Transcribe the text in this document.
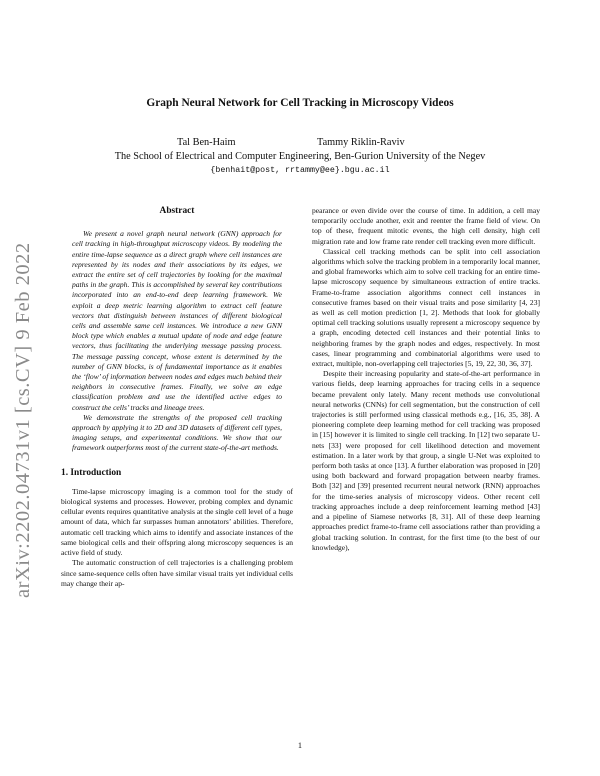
arXiv:2202.04731v1 [cs.CV] 9 Feb 2022
Graph Neural Network for Cell Tracking in Microscopy Videos
Tal Ben-Haim	Tammy Riklin-Raviv
The School of Electrical and Computer Engineering, Ben-Gurion University of the Negev
{benhait@post, rrtammy@ee}.bgu.ac.il
Abstract

We present a novel graph neural network (GNN) approach for cell tracking in high-throughput microscopy videos. By modeling the entire time-lapse sequence as a direct graph where cell instances are represented by its nodes and their associations by its edges, we extract the entire set of cell trajectories by looking for the maximal paths in the graph. This is accomplished by several key contributions incorporated into an end-to-end deep learning framework. We exploit a deep metric learning algorithm to extract cell feature vectors that distinguish between instances of different biological cells and assemble same cell instances. We introduce a new GNN block type which enables a mutual update of node and edge feature vectors, thus facilitating the underlying message passing process. The message passing concept, whose extent is determined by the number of GNN blocks, is of fundamental importance as it enables the ‘flow’ of information between nodes and edges much behind their neighbors in consecutive frames. Finally, we solve an edge classification problem and use the identified active edges to construct the cells’ tracks and lineage trees.

We demonstrate the strengths of the proposed cell tracking approach by applying it to 2D and 3D datasets of different cell types, imaging setups, and experimental conditions. We show that our framework outperforms most of the current state-of-the-art methods.

1. Introduction

Time-lapse microscopy imaging is a common tool for the study of biological systems and processes. However, probing complex and dynamic cellular events requires quantitative analysis at the single cell level of a huge amount of data, which far surpasses human annotators’ abilities. Therefore, automatic cell tracking which aims to identify and associate instances of the same biological cells and their offspring along microscopy sequences is an active field of study.

The automatic construction of cell trajectories is a challenging problem since same-sequence cells often have similar visual traits yet individual cells may change their ap-

pearance or even divide over the course of time. In addition, a cell may temporarily occlude another, exit and reenter the frame field of view. On top of these, frequent mitotic events, the high cell density, high cell migration rate and low frame rate render cell tracking even more difficult.

Classical cell tracking methods can be split into cell association algorithms which solve the tracking problem in a temporarily local manner, and global frameworks which aim to solve cell tracking for an entire time-lapse microscopy sequence by simultaneous extraction of entire tracks. Frame-to-frame association algorithms connect cell instances in consecutive frames based on their visual traits and pose similarity [4, 23] as well as cell motion prediction [1, 2]. Methods that look for globally optimal cell tracking solutions usually represent a microscopy sequence by a graph, encoding detected cell instances and their potential links to neighboring frames by the graph nodes and edges, respectively. In most cases, linear programming and combinatorial algorithms were used to extract, multiple, non-overlapping cell trajectories [5, 19, 22, 30, 36, 37].

Despite their increasing popularity and state-of-the-art performance in various fields, deep learning approaches for tracing cells in a sequence became prevalent only lately. Many recent methods use convolutional neural networks (CNNs) for cell segmentation, but the construction of cell trajectories is still performed using classical methods e.g., [16, 35, 38]. A pioneering complete deep learning method for cell tracking was proposed in [15] however it is limited to single cell tracking. In [12] two separate U-nets [33] were proposed for cell likelihood detection and movement estimation. In a later work by that group, a single U-Net was exploited to perform both tasks at once [13]. A further elaboration was proposed in [20] using both backward and forward propagation between nearby frames. Both [32] and [39] presented recurrent neural network (RNN) approaches for the time-series analysis of microscopy videos. Other recent cell tracking approaches include a deep reinforcement learning method [43] and a pipeline of Siamese networks [8, 31]. All of these deep learning approaches predict frame-to-frame cell associations rather than providing a global tracking solution. In contrast, for the first time (to the best of our knowledge),

1
